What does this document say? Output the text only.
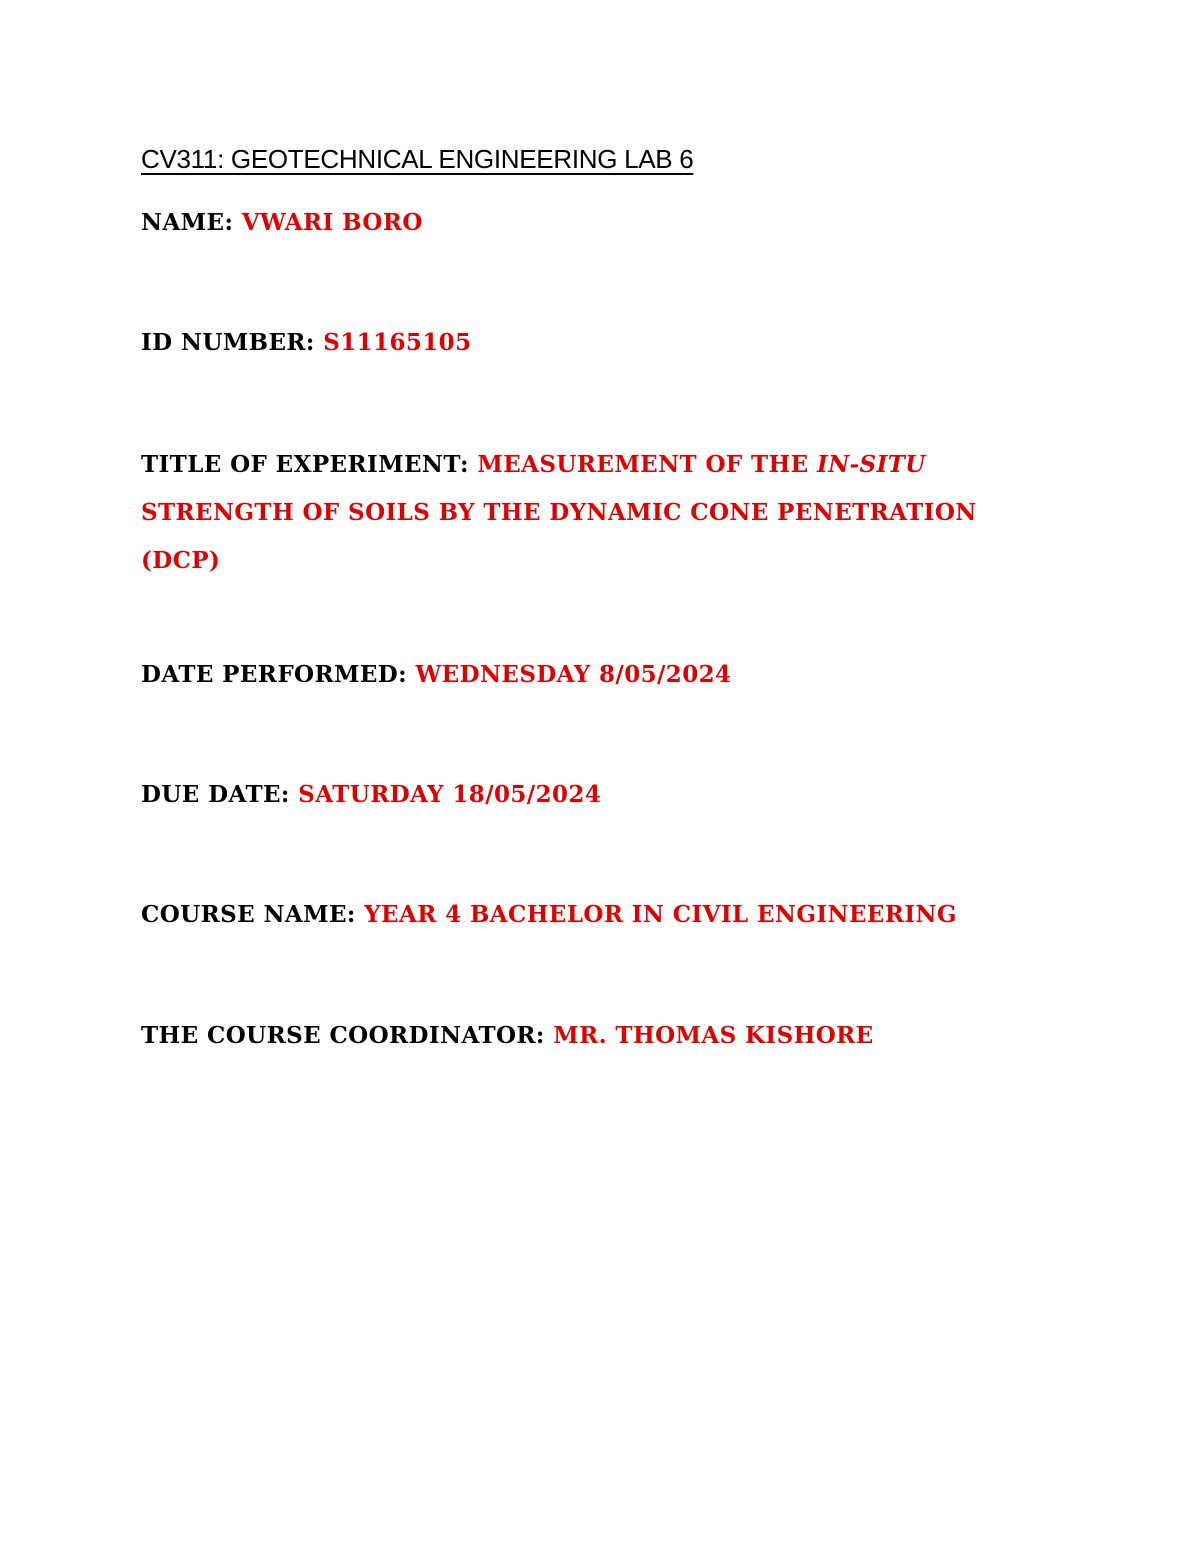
CV311: GEOTECHNICAL ENGINEERING LAB 6
NAME: VWARI BORO
ID NUMBER: S11165105
TITLE OF EXPERIMENT: MEASUREMENT OF THE IN-SITU STRENGTH OF SOILS BY THE DYNAMIC CONE PENETRATION (DCP)
DATE PERFORMED: WEDNESDAY 8/05/2024
DUE DATE: SATURDAY 18/05/2024
COURSE NAME: YEAR 4 BACHELOR IN CIVIL ENGINEERING
THE COURSE COORDINATOR: MR. THOMAS KISHORE
